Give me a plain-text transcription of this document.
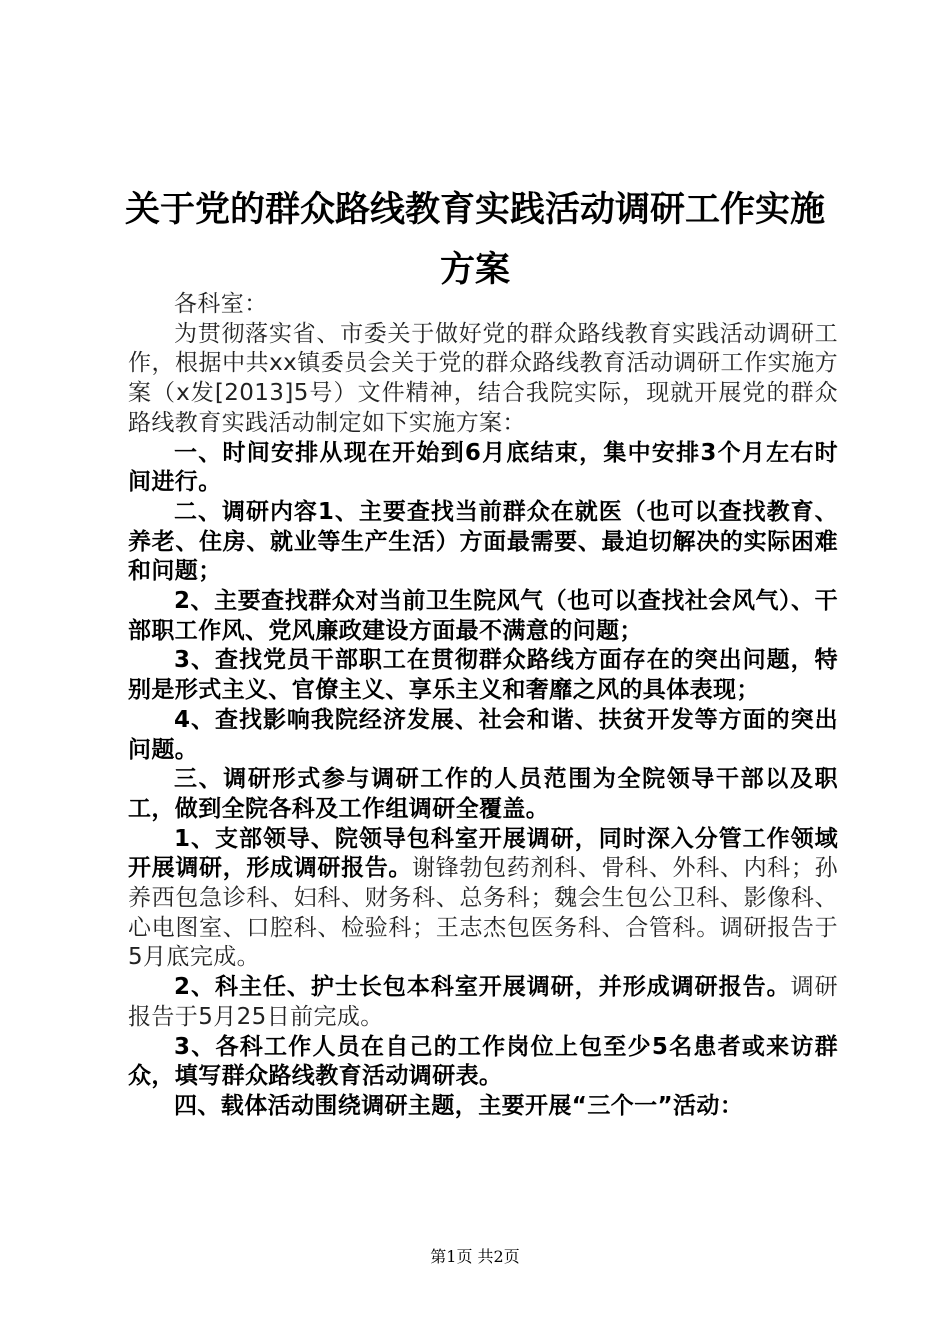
关于党的群众路线教育实践活动调研工作实施
方案

各科室：

为贯彻落实省、市委关于做好党的群众路线教育实践活动调研工作，根据中共xx镇委员会关于党的群众路线教育活动调研工作实施方案（x发[2013]5号）文件精神，结合我院实际，现就开展党的群众路线教育实践活动制定如下实施方案：

一、时间安排从现在开始到6月底结束，集中安排3个月左右时间进行。

二、调研内容1、主要查找当前群众在就医（也可以查找教育、养老、住房、就业等生产生活）方面最需要、最迫切解决的实际困难和问题；

2、主要查找群众对当前卫生院风气（也可以查找社会风气）、干部职工作风、党风廉政建设方面最不满意的问题；

3、查找党员干部职工在贯彻群众路线方面存在的突出问题，特别是形式主义、官僚主义、享乐主义和奢靡之风的具体表现；

4、查找影响我院经济发展、社会和谐、扶贫开发等方面的突出问题。

三、调研形式参与调研工作的人员范围为全院领导干部以及职工，做到全院各科及工作组调研全覆盖。

1、支部领导、院领导包科室开展调研，同时深入分管工作领域开展调研，形成调研报告。谢锋勃包药剂科、骨科、外科、内科；孙养西包急诊科、妇科、财务科、总务科；魏会生包公卫科、影像科、心电图室、口腔科、检验科；王志杰包医务科、合管科。调研报告于5月底完成。

2、科主任、护士长包本科室开展调研，并形成调研报告。调研报告于5月25日前完成。

3、各科工作人员在自己的工作岗位上包至少5名患者或来访群众，填写群众路线教育活动调研表。

四、载体活动围绕调研主题，主要开展“三个一”活动：

第1页 共2页
